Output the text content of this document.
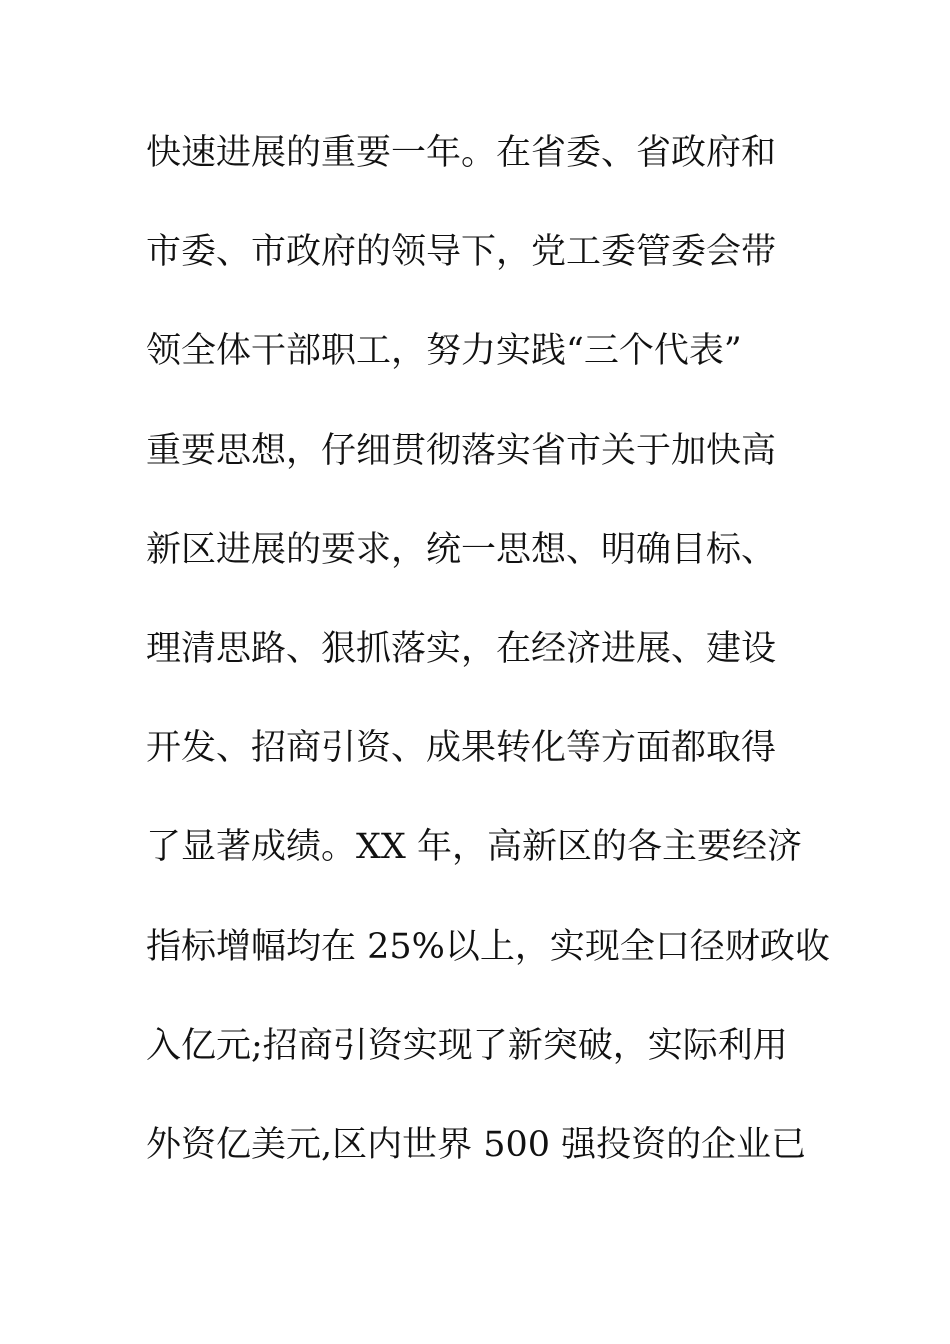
快速进展的重要一年。在省委、省政府和
市委、市政府的领导下，党工委管委会带
领全体干部职工，努力实践“三个代表”
重要思想，仔细贯彻落实省市关于加快高
新区进展的要求，统一思想、明确目标、
理清思路、狠抓落实，在经济进展、建设
开发、招商引资、成果转化等方面都取得
了显著成绩。XX 年，高新区的各主要经济
指标增幅均在 25%以上，实现全口径财政收
入亿元;招商引资实现了新突破，实际利用
外资亿美元,区内世界 500 强投资的企业已
